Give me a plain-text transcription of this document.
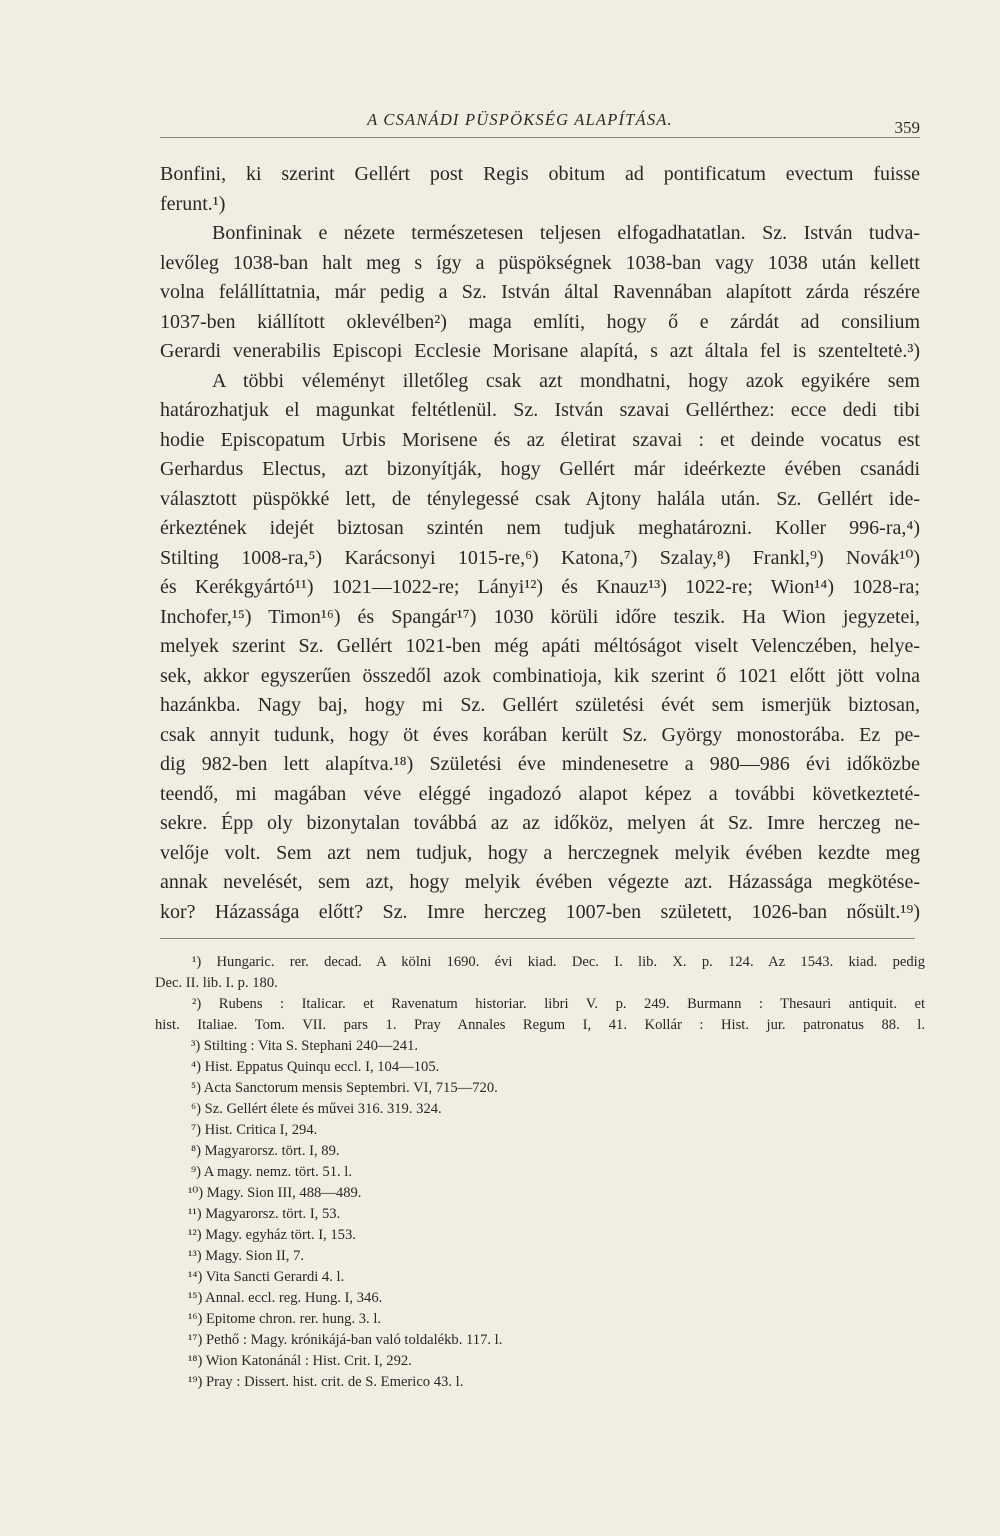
A CSANÁDI PÜSPÖKSÉG ALAPÍTÁSA.	359
Bonfini, ki szerint Gellért post Regis obitum ad pontificatum evectum fuisse
ferunt.¹)
Bonfininak e nézete természetesen teljesen elfogadhatatlan. Sz. István tudva-
levőleg 1038-ban halt meg s így a püspökségnek 1038-ban vagy 1038 után kellett
volna felállíttatnia, már pedig a Sz. István által Ravennában alapított zárda részére
1037-ben kiállított oklevélben²) maga említi, hogy ő e zárdát ad consilium
Gerardi venerabilis Episcopi Ecclesie Morisane alapítá, s azt általa fel is szenteltetė.³)
A többi véleményt illetőleg csak azt mondhatni, hogy azok egyikére sem
határozhatjuk el magunkat feltétlenül. Sz. István szavai Gellérthez: ecce dedi tibi
hodie Episcopatum Urbis Morisene és az életirat szavai : et deinde vocatus est
Gerhardus Electus, azt bizonyítják, hogy Gellért már ideérkezte évében csanádi
választott püspökké lett, de ténylegessé csak Ajtony halála után. Sz. Gellért ide-
érkeztének idejét biztosan szintén nem tudjuk meghatározni. Koller 996-ra,⁴)
Stilting 1008-ra,⁵) Karácsonyi 1015-re,⁶) Katona,⁷) Szalay,⁸) Frankl,⁹) Novák¹⁰)
és Kerékgyártó¹¹) 1021—1022-re; Lányi¹²) és Knauz¹³) 1022-re; Wion¹⁴) 1028-ra;
Inchofer,¹⁵) Timon¹⁶) és Spangár¹⁷) 1030 körüli időre teszik. Ha Wion jegyzetei,
melyek szerint Sz. Gellért 1021-ben még apáti méltóságot viselt Velenczében, helye-
sek, akkor egyszerűen összedől azok combinatioja, kik szerint ő 1021 előtt jött volna
hazánkba. Nagy baj, hogy mi Sz. Gellért születési évét sem ismerjük biztosan,
csak annyit tudunk, hogy öt éves korában került Sz. György monostorába. Ez pe-
dig 982-ben lett alapítva.¹⁸) Születési éve mindenesetre a 980—986 évi időközbe
teendő, mi magában véve eléggé ingadozó alapot képez a további következteté-
sekre. Épp oly bizonytalan továbbá az az időköz, melyen át Sz. Imre herczeg ne-
velője volt. Sem azt nem tudjuk, hogy a herczegnek melyik évében kezdte meg
annak nevelését, sem azt, hogy melyik évében végezte azt. Házassága megkötése-
kor? Házassága előtt? Sz. Imre herczeg 1007-ben született, 1026-ban nősült.¹⁹)
¹) Hungaric. rer. decad. A kölni 1690. évi kiad. Dec. I. lib. X. p. 124. Az 1543. kiad. pedig
Dec. II. lib. I. p. 180.
²) Rubens : Italicar. et Ravenatum historiar. libri V. p. 249. Burmann : Thesauri antiquit. et
hist. Italiae. Tom. VII. pars 1. Pray Annales Regum I, 41. Kollár : Hist. jur. patronatus 88. l.
³) Stilting : Vita S. Stephani 240—241.
⁴) Hist. Eppatus Quinqu eccl. I, 104—105.
⁵) Acta Sanctorum mensis Septembri. VI, 715—720.
⁶) Sz. Gellért élete és művei 316. 319. 324.
⁷) Hist. Critica I, 294.
⁸) Magyarorsz. tört. I, 89.
⁹) A magy. nemz. tört. 51. l.
¹⁰) Magy. Sion III, 488—489.
¹¹) Magyarorsz. tört. I, 53.
¹²) Magy. egyház tört. I, 153.
¹³) Magy. Sion II, 7.
¹⁴) Vita Sancti Gerardi 4. l.
¹⁵) Annal. eccl. reg. Hung. I, 346.
¹⁶) Epitome chron. rer. hung. 3. l.
¹⁷) Pethő : Magy. krónikájá-ban való toldalékb. 117. l.
¹⁸) Wion Katonánál : Hist. Crit. I, 292.
¹⁹) Pray : Dissert. hist. crit. de S. Emerico 43. l.
